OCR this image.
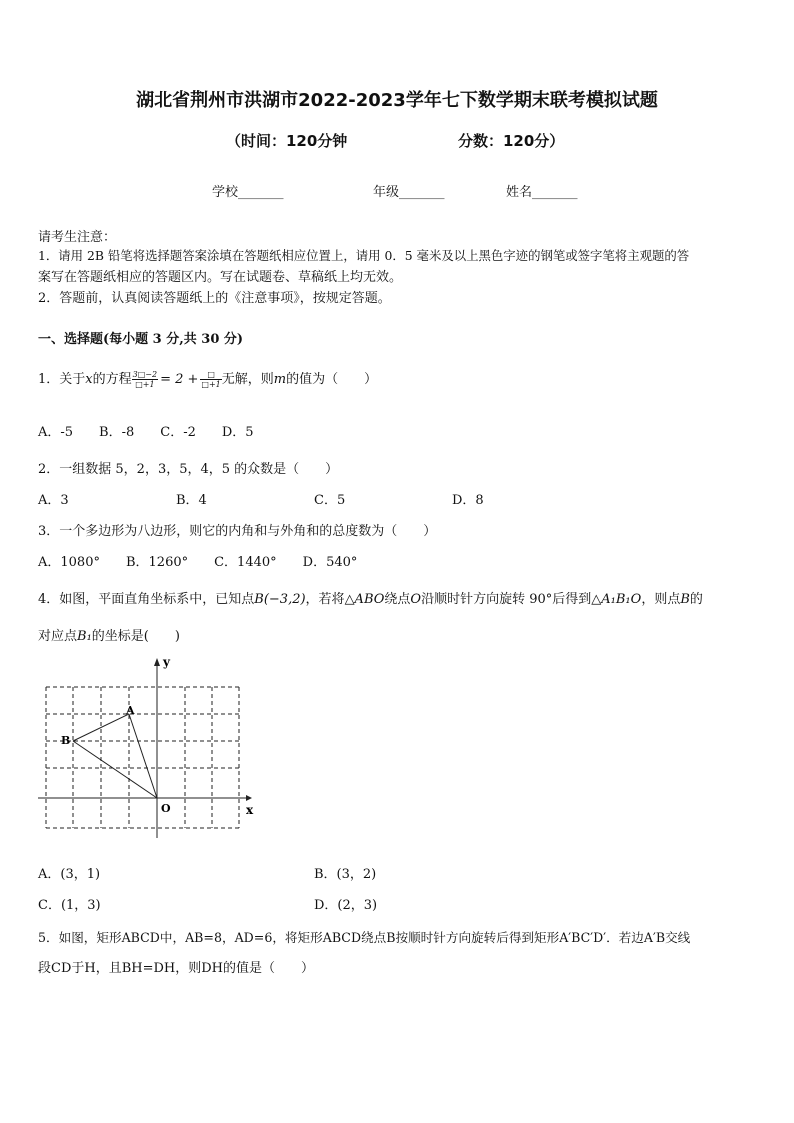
湖北省荆州市洪湖市2022-2023学年七下数学期末联考模拟试题
（时间：120分钟	分数：120分）
学校_______	年级_______	姓名_______
请考生注意：
1．请用 2B 铅笔将选择题答案涂填在答题纸相应位置上，请用 0．5 毫米及以上黑色字迹的钢笔或签字笔将主观题的答
案写在答题纸相应的答题区内。写在试题卷、草稿纸上均无效。
2．答题前，认真阅读答题纸上的《注意事项》，按规定答题。
一、选择题(每小题 3 分,共 30 分)
1．关于x的方程 $\frac{3□-2}{□+1} = 2 + \frac{□}{□+1}$ 无解，则m的值为（　　）
A．-5　　B．-8　　C．-2　　D．5
2．一组数据 5，2，3，5，4，5 的众数是（　　）
A．3	B．4	C．5	D．8
3．一个多边形为八边形，则它的内角和与外角和的总度数为（　　）
A．1080°　　B．1260°　　C．1440°　　D．540°
4．如图，平面直角坐标系中，已知点B(−3,2)，若将△ABO绕点O沿顺时针方向旋转 90°后得到△A₁B₁O，则点B的
对应点B₁的坐标是(　　)
y
x
A
B
O
A．(3，1)	B．(3，2)
C．(1，3)	D．(2，3)
5．如图，矩形ABCD中，AB=8，AD=6，将矩形ABCD绕点B按顺时针方向旋转后得到矩形A′BC′D′．若边A′B交线
段CD于H，且BH=DH，则DH的值是（　　）
